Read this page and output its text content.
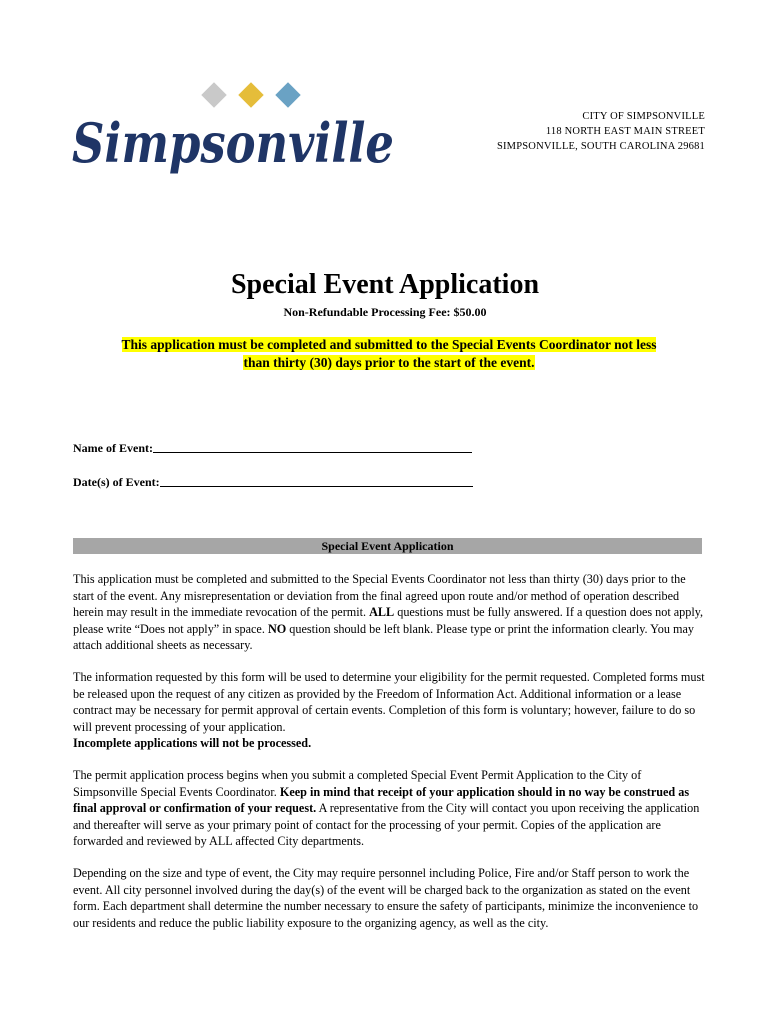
Simpsonville	CITY OF SIMPSONVILLE
118 NORTH EAST MAIN STREET
SIMPSONVILLE, SOUTH CAROLINA 29681
Special Event Application
Non-Refundable Processing Fee: $50.00
This application must be completed and submitted to the Special Events Coordinator not less
than thirty (30) days prior to the start of the event.
Name of Event:
Date(s) of Event:
Special Event Application

This application must be completed and submitted to the Special Events Coordinator not less than thirty (30) days prior to the start of the event. Any misrepresentation or deviation from the final agreed upon route and/or method of operation described herein may result in the immediate revocation of the permit. ALL questions must be fully answered. If a question does not apply, please write “Does not apply” in space. NO question should be left blank. Please type or print the information clearly. You may attach additional sheets as necessary.

The information requested by this form will be used to determine your eligibility for the permit requested. Completed forms must be released upon the request of any citizen as provided by the Freedom of Information Act. Additional information or a lease contract may be necessary for permit approval of certain events. Completion of this form is voluntary; however, failure to do so will prevent processing of your application.
Incomplete applications will not be processed.

The permit application process begins when you submit a completed Special Event Permit Application to the City of Simpsonville Special Events Coordinator. Keep in mind that receipt of your application should in no way be construed as final approval or confirmation of your request. A representative from the City will contact you upon receiving the application and thereafter will serve as your primary point of contact for the processing of your permit. Copies of the application are forwarded and reviewed by ALL affected City departments.

Depending on the size and type of event, the City may require personnel including Police, Fire and/or Staff person to work the event. All city personnel involved during the day(s) of the event will be charged back to the organization as stated on the event form. Each department shall determine the number necessary to ensure the safety of participants, minimize the inconvenience to our residents and reduce the public liability exposure to the organizing agency, as well as the city.
